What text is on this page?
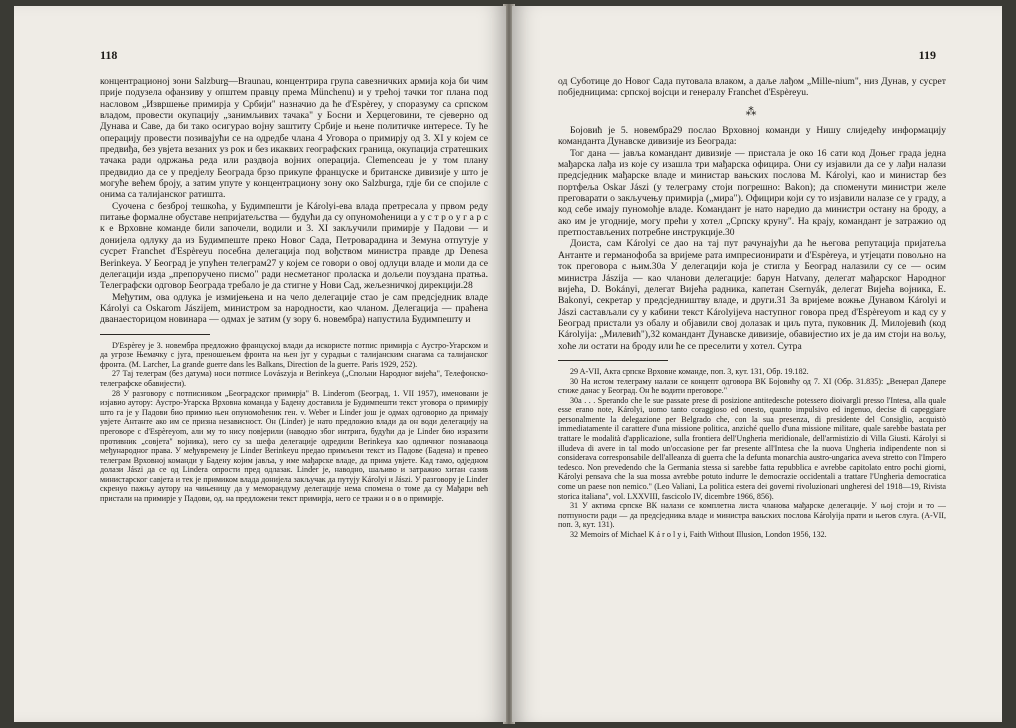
118

концентрационој зони Salzburg—Braunau, концентрира група савезничких армија која би чим прије подузела офанзиву у општем правцу према Münchenu) и у трећој тачки тог плана под насловом „Извршење примирја у Србији" назначио да ће d'Espèrey, у споразуму са српском владом, провести окупацију „занимљивих тачака" у Босни и Херцеговини, те сјеверно од Дунава и Саве, да би тако осигурао војну заштиту Србије и њене политичке интересе. Ту ће операцију провести позивајући се на одредбе члана 4 Уговора о примирју од 3. XI у којем се предвиђа, без увјета везаних уз рок и без икаквих географских граница, окупација стратешких тачака ради одржања реда или раздвоја војних операција. Clemenceau је у том плану предвидио да се у предјелу Београда брзо прикупе француске и британске дивизије у што је могуће већем броју, а затим упуте у концентрациону зону око Salzburga, гдје би се спојиле с онима са талијанског ратишта.

Суочена с безброј тешкоћа, у Будимпешти је Károlyi-ева влада претресала у првом реду питање формалне обуставе непријатељства — будући да су опуномоћеници а у с т р о у г а р с к е Врховне команде били започели, водили и 3. XI закључили примирје у Падови — и донијела одлуку да из Будимпеште преко Новог Сада, Петроварадина и Земуна отпутује у сусрет Franchet d'Espèreyu посебна делегација под вођством министра правде др Denesa Berinkeya. У Београд је упућен телеграм27 у којем се говори о овој одлуци владе и моли да се делегацији изда „препоручено писмо" ради несметаног проласка и дољели поуздана пратња. Телеграфски одговор Београда требало је да стигне у Нови Сад, жељезничкој дирекцији.28

Међутим, ова одлука је измијењена и на чело делегације стао је сам предсједник владе Károlyi са Oskarom Jásziјem, министром за народности, као чланом. Делегација — праћена дванаесторицом новинара — одмах је затим (у зору 6. новембра) напустила Будимпешту и

D'Espèrey је 3. новембра предложио француској влади да искористе потпис примирја с Аустро-Угарском и да угрозе Њемачку с југа, преношењем фронта на њен југ у сурадњи с талијанским снагама са талијанског фронта. (M. Larcher, La grande guerre dans les Balkans, Direction de la guerre. Paris 1929, 252).

27 Тај телеграм (без датума) носи потписе Lovászyја и Berinkeya („Спољни Народног вијећа", Телефонско-телеграфске обавијести).

28 У разговору с потписником „Београдског примирја" B. Linderom (Београд, 1. VII 1957), именовани је изјавио аутору: Аустро-Угарска Врховна команда у Бадену доставила је Будимпешти текст уговора о примирју што га је у Падови био примио њен опуномоћеник ген. v. Weber и Linder још је одмах одговорио да примају увјете Антанте ако им се призна независност. Он (Linder) је нато предложио влади да он води делегацију на преговоре с d'Espèreyom, али му то нису повјерили (наводно због интрига, будући да је Linder био изразити противник „совјета" војника), него су за шефа делегације одредили Berinkeya као одличног познаваоца међународног права. У међувремену је Linder Berinkeyu предао примљени текст из Падове (Бадена) и превео телеграм Врховној команди у Бадену којим јавља, у име мађарске владе, да прима увјете. Кад тамо, одједном долази Jászi да се од Lindera опрости пред одлазак. Linder је, наводно, шаљиво и затражио хитан сазив министарског савјета и тек је примиком влада донијела закључак да путују Károlyi и Jászi. У разговору је Linder скренуо пажњу аутору на чињеницу да у меморандуму делегације нема спомена о томе да су Мађари већ пристали на примирје у Падови, од. на предложени текст примирја, него се тражи н о в о примирје.

119

од Суботице до Новог Сада путовала влаком, а даље лађом „Mille-nium", низ Дунав, у сусрет побједницима: српској војсци и генералу Franchet d'Espèreyu.

⁂

Бојовић је 5. новембра29 послао Врховној команди у Нишу слиједећу информацију команданта Дунавске дивизије из Београда:

Тог дана — јавља командант дивизије — пристала је око 16 сати код Доњег града једна мађарска лађа из које су изашла три мађарска официра. Они су изјавили да се у лађи налази предсједник мађарске владе и министар вањских послова М. Károlyi, као и министар без портфеља Oskar Jászi (у телеграму стоји погрешно: Bakon); да споменути министри желе преговарати о закључењу примирја („мира"). Официри који су то изјавили налазе се у граду, а код себе имају пуномоћје владе. Командант је нато наредио да министри остану на броду, а ако им је угодније, могу прећи у хотел „Српску круну". На крају, командант је затражио од претпостављених потребне инструкције.30

Доиста, сам Károlyi се дао на тај пут рачунајући да ће његова репутација пријатеља Антанте и германофоба за вријеме рата импресионирати и d'Espèreya, и утјецати повољно на ток преговора с њим.30a У делегацији која је стигла у Београд налазили су се — осим министра Jászija — као чланови делегације: барун Hatvany, делегат мађарског Народног вијећа, D. Bokányi, делегат Вијећа радника, капетан Csernyák, делегат Вијећа војника, E. Bakonyi, секретар у предсједништву владе, и други.31 За вријеме вожње Дунавом Károlyi и Jászi састављали су у кабини текст Károlyijeva наступног говора пред d'Espèreyom и кад су у Београд пристали уз обалу и објавили свој долазак и циљ пута, пуковник Д. Милојевић (код Károlyija: „Милевић"),32 командант Дунавске дивизије, обавијестио их је да им стоји на вољу, хоће ли остати на броду или ће се преселити у хотел. Сутра

29 A-VII, Акта српске Врховне команде, поп. 3, кут. 131, Обр. 19.182.

30 На истом телеграму налази се концепт одговора ВК Бојовићу од 7. XI (Обр. 31.835): „Венерал Дапере стиже данас у Београд. Он ће водити преговоре."

30a . . . Sperando che le sue passate prese di posizione antitedesche potessero dioivargli presso l'Intesa, alla quale esse erano note, Károlyi, uomo tanto coraggioso ed onesto, quanto impulsivo ed ingenuo, decise di capeggiare personalmente la delegazione per Belgrado che, con la sua presenza, di presidente del Consiglio, acquistò immediatamente il carattere d'una missione politica, anziché quello d'una missione militare, quale sarebbe bastata per trattare le modalità d'applicazione, sulla frontiera dell'Ungheria meridionale, dell'armistizio di Villa Giusti. Károlyi si illudeva di avere in tal modo un'occasione per far presente all'Intesa che la nuova Ungheria indipendente non si considerava corresponsabile dell'alleanza di guerra che la defunta monarchia austro-ungarica aveva stretto con l'Impero tedesco. Non prevedendo che la Germania stessa si sarebbe fatta repubblica e avrebbe capitolato entro pochi giorni, Károlyi pensava che la sua mossa avrebbe potuto indurre le democrazie occidentali a trattare l'Ungheria democratica come un paese non nemico." (Leo Valiani, La politica estera dei governi rivoluzionari ungheresi del 1918—19, Rivista storica italiana", vol. LXXVIII, fascicolo IV, dicembre 1966, 856).

31 У актима српске ВК налази се комплетна листа чланова мађарске делегације. У њој стоји и то — потпуности ради — да предсједника владе и министра вањских послова Károlyija прати и његов слуга. (A-VII, поп. 3, кут. 131).

32 Memoirs of Michael K á r o l y i, Faith Without Illusion, London 1956, 132.
